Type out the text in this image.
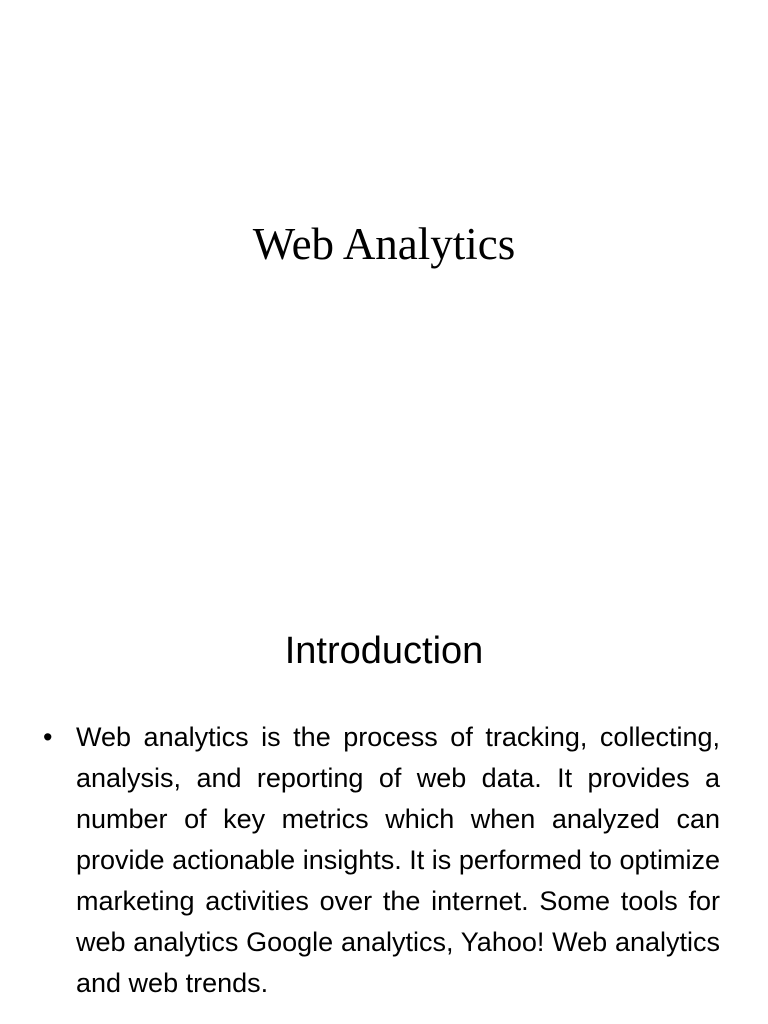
Web Analytics
Introduction
• Web analytics is the process of tracking, collecting, analysis, and reporting of web data. It provides a number of key metrics which when analyzed can provide actionable insights. It is performed to optimize marketing activities over the internet. Some tools for web analytics Google analytics, Yahoo! Web analytics and web trends.
